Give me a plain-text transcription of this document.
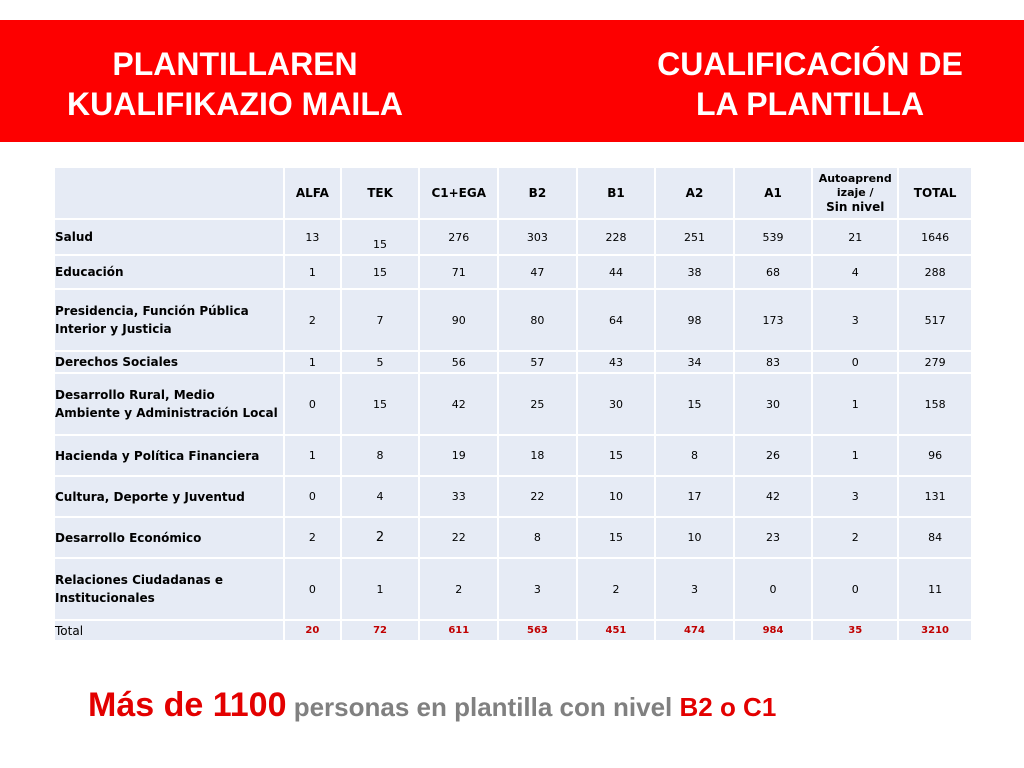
PLANTILLAREN
KUALIFIKAZIO MAILA
CUALIFICACIÓN DE
LA PLANTILLA
	ALFA	TEK	C1+EGA	B2	B1	A2	A1	Autoaprend
izaje /
Sin nivel	TOTAL
Salud	13	15	276	303	228	251	539	21	1646
Educación	1	15	71	47	44	38	68	4	288
Presidencia, Función Pública Interior y Justicia	2	7	90	80	64	98	173	3	517
Derechos Sociales	1	5	56	57	43	34	83	0	279
Desarrollo Rural, Medio Ambiente y Administración Local	0	15	42	25	30	15	30	1	158
Hacienda y Política Financiera	1	8	19	18	15	8	26	1	96
Cultura, Deporte y Juventud	0	4	33	22	10	17	42	3	131
Desarrollo Económico	2	2	22	8	15	10	23	2	84
Relaciones Ciudadanas e Institucionales	0	1	2	3	2	3	0	0	11
Total	20	72	611	563	451	474	984	35	3210
Más de 1100 personas en plantilla con nivel B2 o C1
